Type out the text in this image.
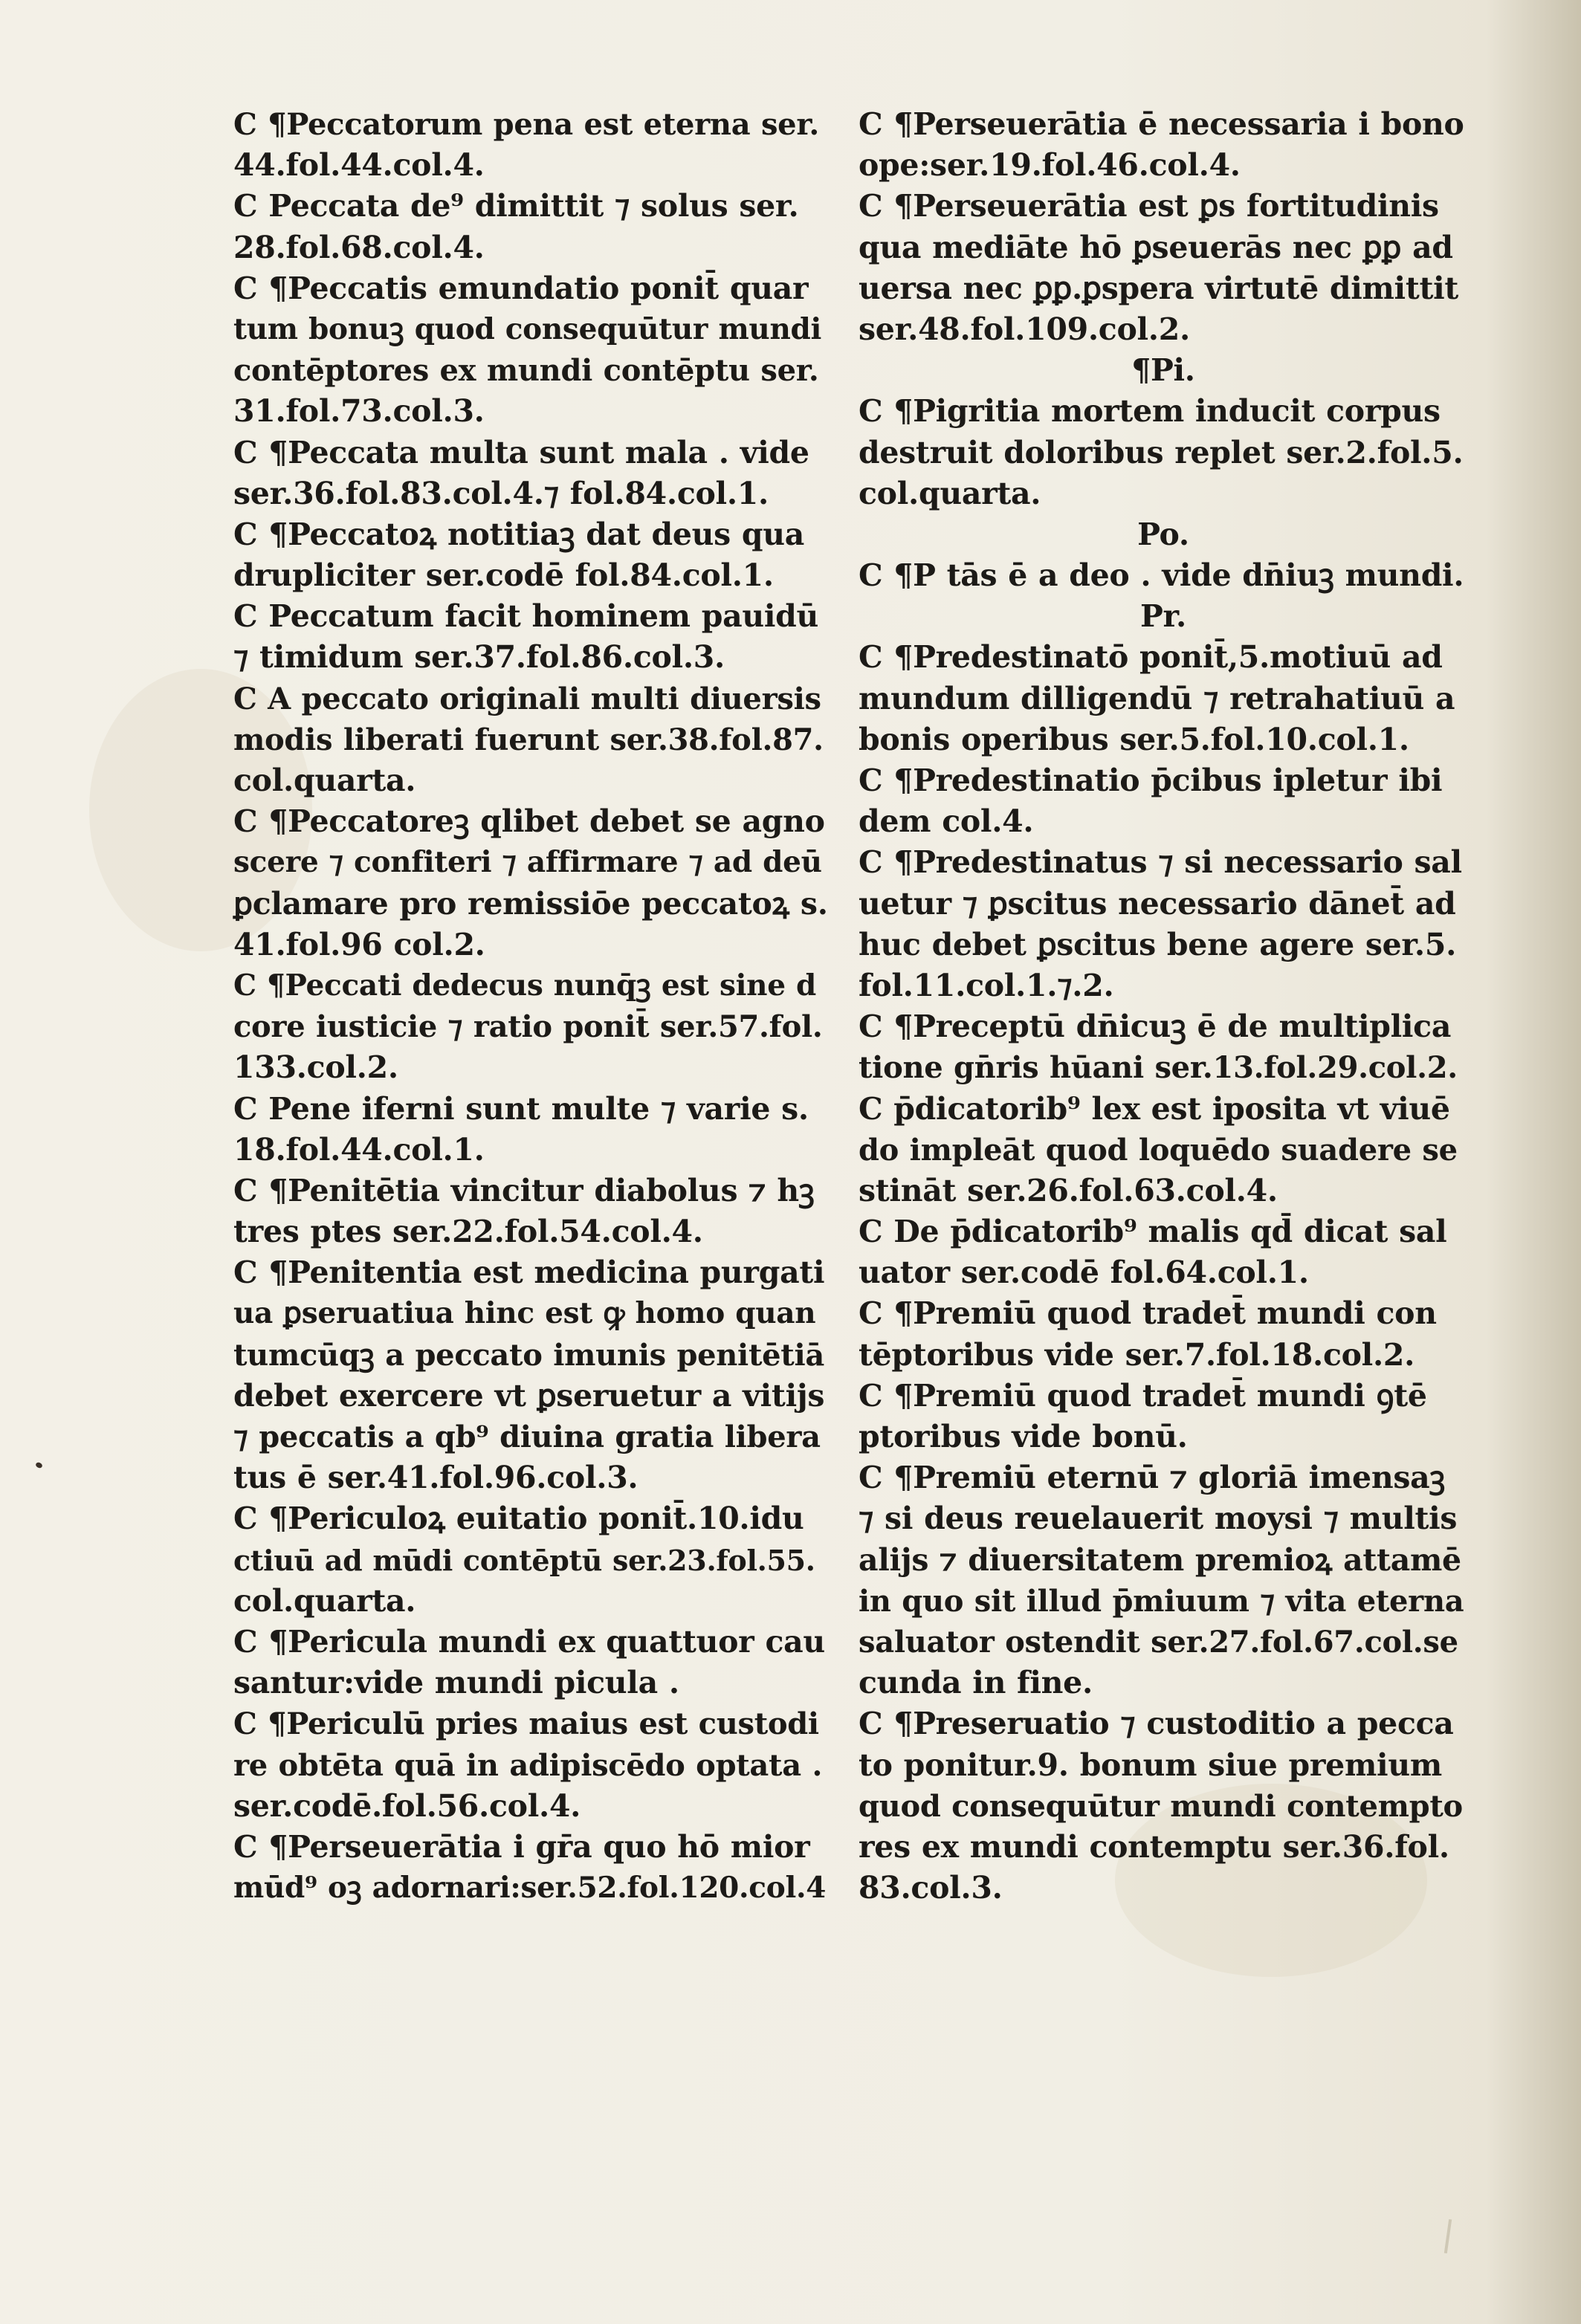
C ¶Peccatorum pena est eterna ser.
44.fol.44.col.4.
C Peccata de⁹ dimittit ⁊ solus ser.
28.fol.68.col.4.
C ¶Peccatis emundatio ponit̄ quar
tum bonuꝫ quod consequūtur mundi
contēptores ex mundi contēptu ser.
31.fol.73.col.3.
C ¶Peccata multa sunt mala . vide
ser.36.fol.83.col.4.⁊ fol.84.col.1.
C ¶Peccatoꝝ notitiaꝫ dat deus qua
drupliciter ser.codē fol.84.col.1.
C Peccatum facit hominem pauidū
⁊ timidum ser.37.fol.86.col.3.
C A peccato originali multi diuersis
modis liberati fuerunt ser.38.fol.87.
col.quarta.
C ¶Peccatoreꝫ qlibet debet se agno
scere ⁊ confiteri ⁊ affirmare ⁊ ad deū
ꝑclamare pro remissiōe peccatoꝝ s.
41.fol.96 col.2.
C ¶Peccati dedecus nunq̄ꝫ est sine d
core iusticie ⁊ ratio ponit̄ ser.57.fol.
133.col.2.
C Pene iferni sunt multe ⁊ varie s.
18.fol.44.col.1.
C ¶Penitētia vincitur diabolus ⁊ hꝫ
tres ptes ser.22.fol.54.col.4.
C ¶Penitentia est medicina purgati
ua ꝑseruatiua hinc est ꝙ homo quan
tumcūqꝫ a peccato imunis penitētiā
debet exercere vt ꝑseruetur a vitijs
⁊ peccatis a qb⁹ diuina gratia libera
tus ē ser.41.fol.96.col.3.
C ¶Periculoꝝ euitatio ponit̄.10.idu
ctiuū ad mūdi contēptū ser.23.fol.55.
col.quarta.
C ¶Pericula mundi ex quattuor cau
santur:vide mundi picula .
C ¶Periculū pries maius est custodi
re obtēta quā in adipiscēdo optata .
ser.codē.fol.56.col.4.
C ¶Perseuerātia i gr̄a quo hō mior
mūd⁹ oꝫ adornari:ser.52.fol.120.col.4
C ¶Perseuerātia ē necessaria i bono
ope:ser.19.fol.46.col.4.
C ¶Perseuerātia est ꝑs fortitudinis
qua mediāte hō ꝑseuerās nec ꝑꝑ ad
uersa nec ꝑꝑ.ꝑspera virtutē dimittit
ser.48.fol.109.col.2.
¶Pi.
C ¶Pigritia mortem inducit corpus
destruit doloribus replet ser.2.fol.5.
col.quarta.
Po.
C ¶P tās ē a deo . vide dn̄iuꝫ mundi.
Pr.
C ¶Predestinatō ponit̄,5.motiuū ad
mundum dilligendū ⁊ retrahatiuū a
bonis operibus ser.5.fol.10.col.1.
C ¶Predestinatio p̄cibus ipletur ibi
dem col.4.
C ¶Predestinatus ⁊ si necessario sal
uetur ⁊ ꝑscitus necessario dānet̄ ad
huc debet ꝑscitus bene agere ser.5.
fol.11.col.1.⁊.2.
C ¶Preceptū dn̄icuꝫ ē de multiplica
tione gn̄ris hūani ser.13.fol.29.col.2.
C p̄dicatorib⁹ lex est iposita vt viuē
do impleāt quod loquēdo suadere se
stināt ser.26.fol.63.col.4.
C De p̄dicatorib⁹ malis qd̄ dicat sal
uator ser.codē fol.64.col.1.
C ¶Premiū quod tradet̄ mundi con
tēptoribus vide ser.7.fol.18.col.2.
C ¶Premiū quod tradet̄ mundi ꝯtē
ptoribus vide bonū.
C ¶Premiū eternū ⁊ gloriā imensaꝫ
⁊ si deus reuelauerit moysi ⁊ multis
alijs ⁊ diuersitatem premioꝝ attamē
in quo sit illud p̄miuum ⁊ vita eterna
saluator ostendit ser.27.fol.67.col.se
cunda in fine.
C ¶Preseruatio ⁊ custoditio a pecca
to ponitur.9. bonum siue premium
quod consequūtur mundi contempto
res ex mundi contemptu ser.36.fol.
83.col.3.
